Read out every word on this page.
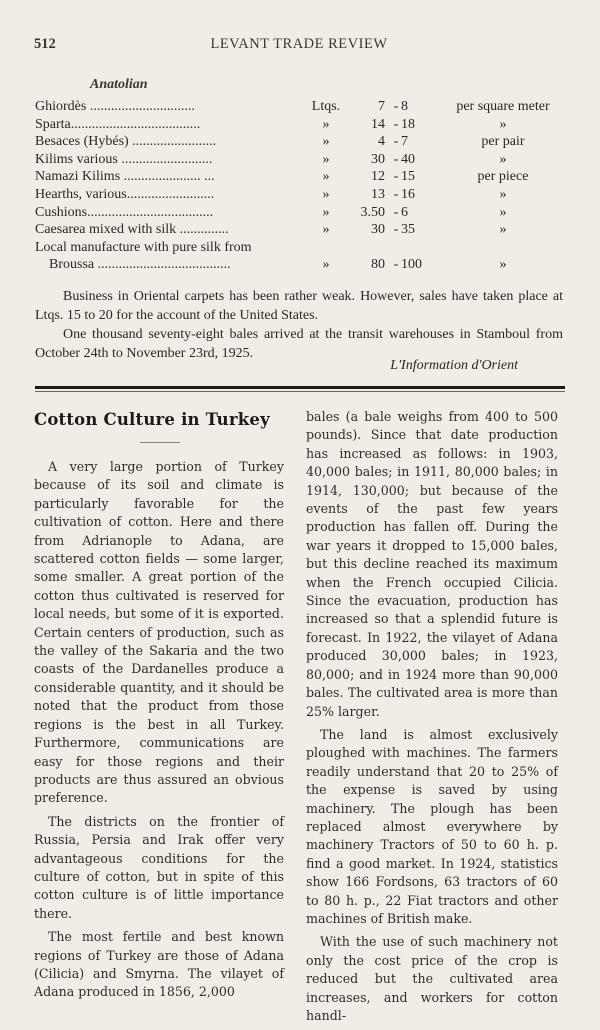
512	LEVANT TRADE REVIEW
Anatolian
Ghiordès ..............................	Ltqs.	7 - 8	per square meter
Sparta.....................................	»	14 - 18	»
Besaces (Hybés) ........................	»	4 - 7	per pair
Kilims various ..........................	»	30 - 40	»
Namazi Kilims ...................... ...	»	12 - 15	per piece
Hearths, various.........................	»	13 - 16	»
Cushions....................................	»	3.50 - 6	»
Caesarea mixed with silk ..............	»	30 - 35	»
Local manufacture with pure silk from
Broussa ......................................	»	80 - 100	»

Business in Oriental carpets has been rather weak. However, sales have taken place at Ltqs. 15 to 20 for the account of the United States.

One thousand seventy-eight bales arrived at the transit warehouses in Stamboul from October 24th to November 23rd, 1925.

L'Information d'Orient
Cotton Culture in Turkey

A very large portion of Turkey because of its soil and climate is particularly favorable for the cultivation of cotton. Here and there from Adrianople to Adana, are scattered cotton fields — some larger, some smaller. A great portion of the cotton thus cultivated is reserved for local needs, but some of it is exported. Certain centers of production, such as the valley of the Sakaria and the two coasts of the Dardanelles produce a considerable quantity, and it should be noted that the product from those regions is the best in all Turkey. Furthermore, communications are easy for those regions and their products are thus assured an obvious preference.

The districts on the frontier of Russia, Persia and Irak offer very advantageous conditions for the culture of cotton, but in spite of this cotton culture is of little importance there.

The most fertile and best known regions of Turkey are those of Adana (Cilicia) and Smyrna. The vilayet of Adana produced in 1856, 2,000

bales (a bale weighs from 400 to 500 pounds). Since that date production has increased as follows: in 1903, 40,000 bales; in 1911, 80,000 bales; in 1914, 130,000; but because of the events of the past few years production has fallen off. During the war years it dropped to 15,000 bales, but this decline reached its maximum when the French occupied Cilicia. Since the evacuation, production has increased so that a splendid future is forecast. In 1922, the vilayet of Adana produced 30,000 bales; in 1923, 80,000; and in 1924 more than 90,000 bales. The cultivated area is more than 25% larger.

The land is almost exclusively ploughed with machines. The farmers readily understand that 20 to 25% of the expense is saved by using machinery. The plough has been replaced almost everywhere by machinery Tractors of 50 to 60 h. p. find a good market. In 1924, statistics show 166 Fordsons, 63 tractors of 60 to 80 h. p., 22 Fiat tractors and other machines of British make.

With the use of such machinery not only the cost price of the crop is reduced but the cultivated area increases, and workers for cotton handl-
